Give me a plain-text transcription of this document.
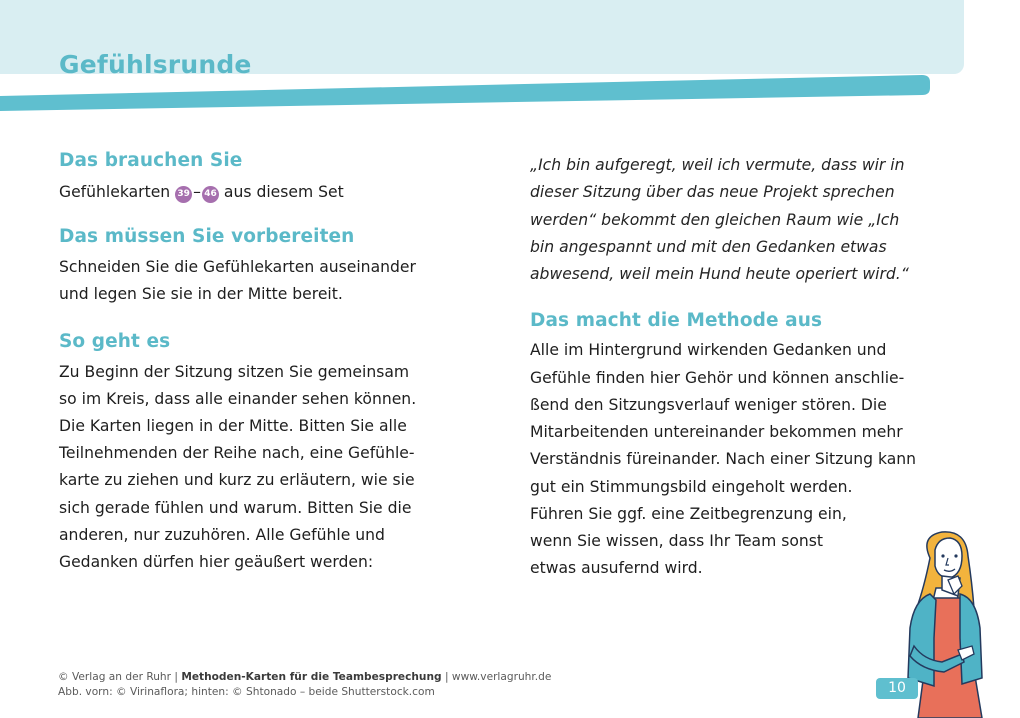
Gefühlsrunde
Das brauchen Sie

Gefühlekarten 39 – 46 aus diesem Set

Das müssen Sie vorbereiten

Schneiden Sie die Gefühlekarten auseinander
und legen Sie sie in der Mitte bereit.

So geht es

Zu Beginn der Sitzung sitzen Sie gemeinsam
so im Kreis, dass alle einander sehen können.
Die Karten liegen in der Mitte. Bitten Sie alle
Teilnehmenden der Reihe nach, eine Gefühle-
karte zu ziehen und kurz zu erläutern, wie sie
sich gerade fühlen und warum. Bitten Sie die
anderen, nur zuzuhören. Alle Gefühle und
Gedanken dürfen hier geäußert werden:

„Ich bin aufgeregt, weil ich vermute, dass wir in
dieser Sitzung über das neue Projekt sprechen
werden“ bekommt den gleichen Raum wie „Ich
bin angespannt und mit den Gedanken etwas
abwesend, weil mein Hund heute operiert wird.“

Das macht die Methode aus

Alle im Hintergrund wirkenden Gedanken und
Gefühle finden hier Gehör und können anschlie-
ßend den Sitzungsverlauf weniger stören. Die
Mitarbeitenden untereinander bekommen mehr
Verständnis füreinander. Nach einer Sitzung kann
gut ein Stimmungsbild eingeholt werden.
Führen Sie ggf. eine Zeitbegrenzung ein,
wenn Sie wissen, dass Ihr Team sonst
etwas ausufernd wird.

© Verlag an der Ruhr | Methoden-Karten für die Teambesprechung | www.verlagruhr.de
Abb. vorn: © Virinaflora; hinten: © Shtonado – beide Shutterstock.com	10
